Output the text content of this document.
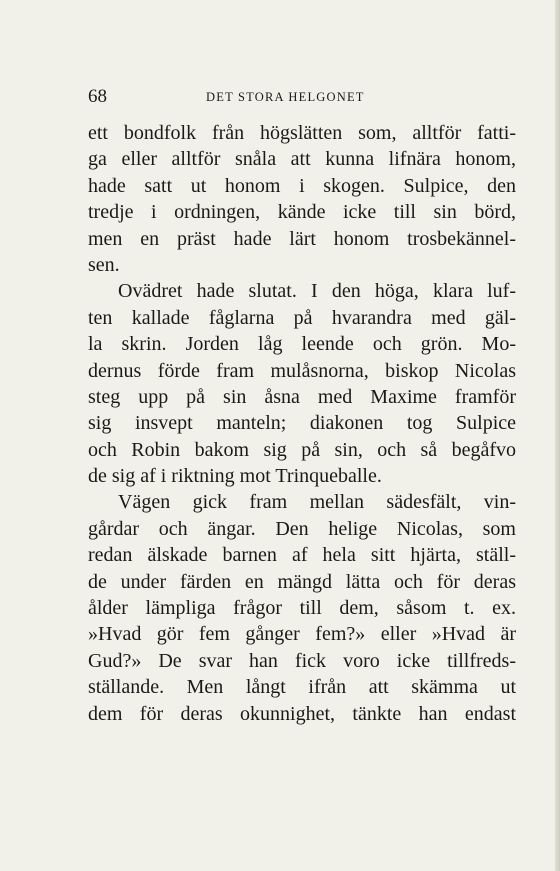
68	DET STORA HELGONET
ett bondfolk från högslätten som, alltför fatti-
ga eller alltför snåla att kunna lifnära honom,
hade satt ut honom i skogen. Sulpice, den
tredje i ordningen, kände icke till sin börd,
men en präst hade lärt honom trosbekännel-
sen.
Ovädret hade slutat. I den höga, klara luf-
ten kallade fåglarna på hvarandra med gäl-
la skrin. Jorden låg leende och grön. Mo-
dernus förde fram mulåsnorna, biskop Nicolas
steg upp på sin åsna med Maxime framför
sig insvept manteln; diakonen tog Sulpice
och Robin bakom sig på sin, och så begåfvo
de sig af i riktning mot Trinqueballe.
Vägen gick fram mellan sädesfält, vin-
gårdar och ängar. Den helige Nicolas, som
redan älskade barnen af hela sitt hjärta, ställ-
de under färden en mängd lätta och för deras
ålder lämpliga frågor till dem, såsom t. ex.
»Hvad gör fem gånger fem?» eller »Hvad är
Gud?» De svar han fick voro icke tillfreds-
ställande. Men långt ifrån att skämma ut
dem för deras okunnighet, tänkte han endast
